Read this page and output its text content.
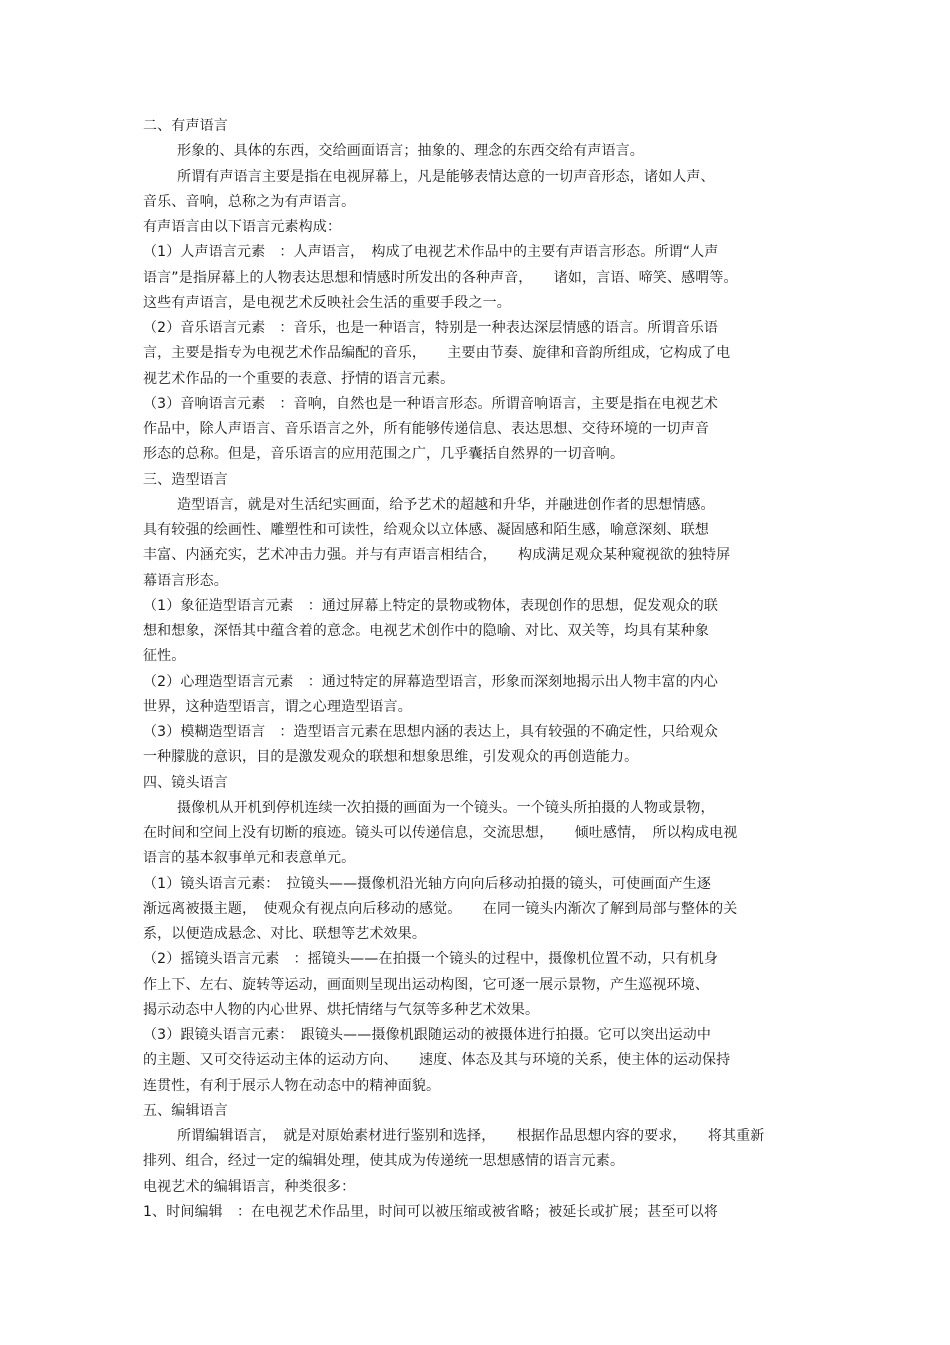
二、有声语言
形象的、具体的东西，交给画面语言；抽象的、理念的东西交给有声语言。
所谓有声语言主要是指在电视屏幕上，凡是能够表情达意的一切声音形态，诸如人声、
音乐、音响，总称之为有声语言。
有声语言由以下语言元素构成：
（1）人声语言元素　：人声语言，　构成了电视艺术作品中的主要有声语言形态。所谓“人声
语言”是指屏幕上的人物表达思想和情感时所发出的各种声音，　　诸如，言语、啼笑、感喟等。
这些有声语言，是电视艺术反映社会生活的重要手段之一。
（2）音乐语言元素　：音乐，也是一种语言，特别是一种表达深层情感的语言。所谓音乐语
言，主要是指专为电视艺术作品编配的音乐，　　主要由节奏、旋律和音韵所组成，它构成了电
视艺术作品的一个重要的表意、抒情的语言元素。
（3）音响语言元素　：音响，自然也是一种语言形态。所谓音响语言，主要是指在电视艺术
作品中，除人声语言、音乐语言之外，所有能够传递信息、表达思想、交待环境的一切声音
形态的总称。但是，音乐语言的应用范围之广，几乎囊括自然界的一切音响。
三、造型语言
造型语言，就是对生活纪实画面，给予艺术的超越和升华，并融进创作者的思想情感。
具有较强的绘画性、雕塑性和可读性，给观众以立体感、凝固感和陌生感，喻意深刻、联想
丰富、内涵充实，艺术冲击力强。并与有声语言相结合，　　构成满足观众某种窥视欲的独特屏
幕语言形态。
（1）象征造型语言元素　：通过屏幕上特定的景物或物体，表现创作的思想，促发观众的联
想和想象，深悟其中蕴含着的意念。电视艺术创作中的隐喻、对比、双关等，均具有某种象
征性。
（2）心理造型语言元素　：通过特定的屏幕造型语言，形象而深刻地揭示出人物丰富的内心
世界，这种造型语言，谓之心理造型语言。
（3）模糊造型语言　：造型语言元素在思想内涵的表达上，具有较强的不确定性，只给观众
一种朦胧的意识，目的是激发观众的联想和想象思维，引发观众的再创造能力。
四、镜头语言
摄像机从开机到停机连续一次拍摄的画面为一个镜头。一个镜头所拍摄的人物或景物，
在时间和空间上没有切断的痕迹。镜头可以传递信息，交流思想，　　倾吐感情，　所以构成电视
语言的基本叙事单元和表意单元。
（1）镜头语言元素：　拉镜头——摄像机沿光轴方向向后移动拍摄的镜头，可使画面产生逐
渐远离被摄主题，　使观众有视点向后移动的感觉。　　在同一镜头内渐次了解到局部与整体的关
系，以便造成悬念、对比、联想等艺术效果。
（2）摇镜头语言元素　：摇镜头——在拍摄一个镜头的过程中，摄像机位置不动，只有机身
作上下、左右、旋转等运动，画面则呈现出运动构图，它可逐一展示景物，产生巡视环境、
揭示动态中人物的内心世界、烘托情绪与气氛等多种艺术效果。
（3）跟镜头语言元素：　跟镜头——摄像机跟随运动的被摄体进行拍摄。它可以突出运动中
的主题、又可交待运动主体的运动方向、　　速度、体态及其与环境的关系，使主体的运动保持
连贯性，有利于展示人物在动态中的精神面貌。
五、编辑语言
所谓编辑语言，　就是对原始素材进行鉴别和选择，　　根据作品思想内容的要求，　　将其重新
排列、组合，经过一定的编辑处理，使其成为传递统一思想感情的语言元素。
电视艺术的编辑语言，种类很多：
1、时间编辑　：在电视艺术作品里，时间可以被压缩或被省略；被延长或扩展；甚至可以将
